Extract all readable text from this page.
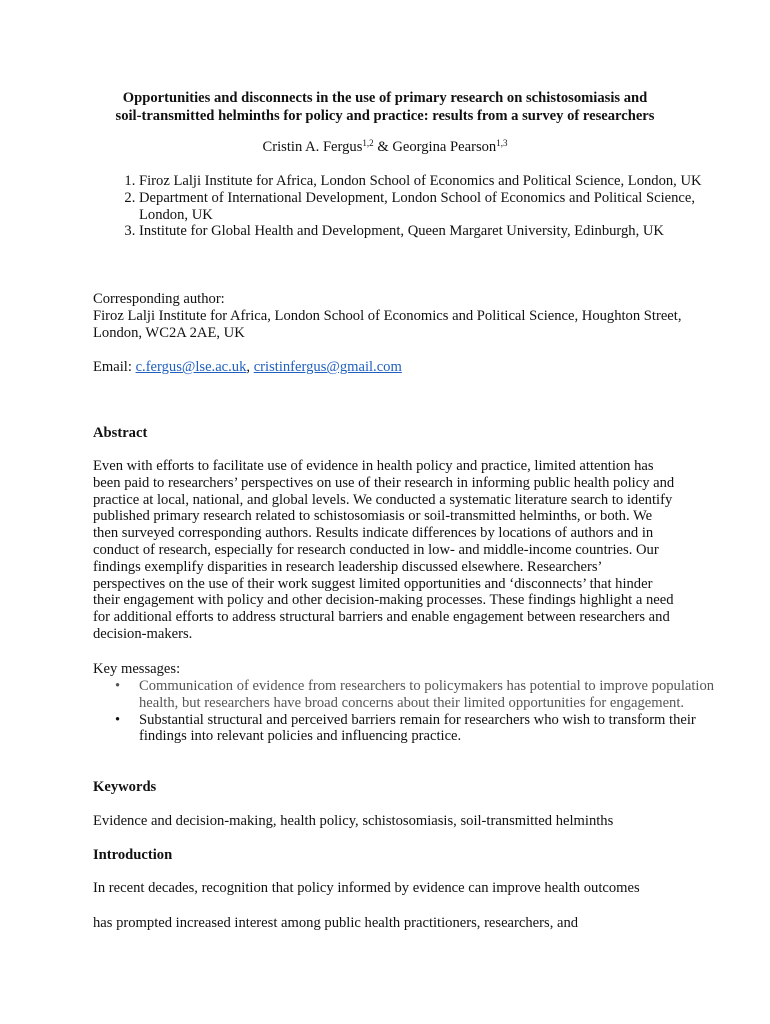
Opportunities and disconnects in the use of primary research on schistosomiasis and
soil-transmitted helminths for policy and practice: results from a survey of researchers
Cristin A. Fergus$^{1,2}$ & Georgina Pearson$^{1,3}$
1. Firoz Lalji Institute for Africa, London School of Economics and Political Science, London, UK
2. Department of International Development, London School of Economics and Political Science, London, UK
3. Institute for Global Health and Development, Queen Margaret University, Edinburgh, UK
Corresponding author:
Firoz Lalji Institute for Africa, London School of Economics and Political Science, Houghton Street, London, WC2A 2AE, UK
Email: c.fergus@lse.ac.uk, cristinfergus@gmail.com
Abstract
Even with efforts to facilitate use of evidence in health policy and practice, limited attention has been paid to researchers’ perspectives on use of their research in informing public health policy and practice at local, national, and global levels. We conducted a systematic literature search to identify published primary research related to schistosomiasis or soil-transmitted helminths, or both. We then surveyed corresponding authors. Results indicate differences by locations of authors and in conduct of research, especially for research conducted in low- and middle-income countries. Our findings exemplify disparities in research leadership discussed elsewhere. Researchers’ perspectives on the use of their work suggest limited opportunities and ‘disconnects’ that hinder their engagement with policy and other decision-making processes. These findings highlight a need for additional efforts to address structural barriers and enable engagement between researchers and decision-makers.
Key messages:
• Communication of evidence from researchers to policymakers has potential to improve population health, but researchers have broad concerns about their limited opportunities for engagement.
• Substantial structural and perceived barriers remain for researchers who wish to transform their findings into relevant policies and influencing practice.
Keywords
Evidence and decision-making, health policy, schistosomiasis, soil-transmitted helminths
Introduction
In recent decades, recognition that policy informed by evidence can improve health outcomes
has prompted increased interest among public health practitioners, researchers, and
